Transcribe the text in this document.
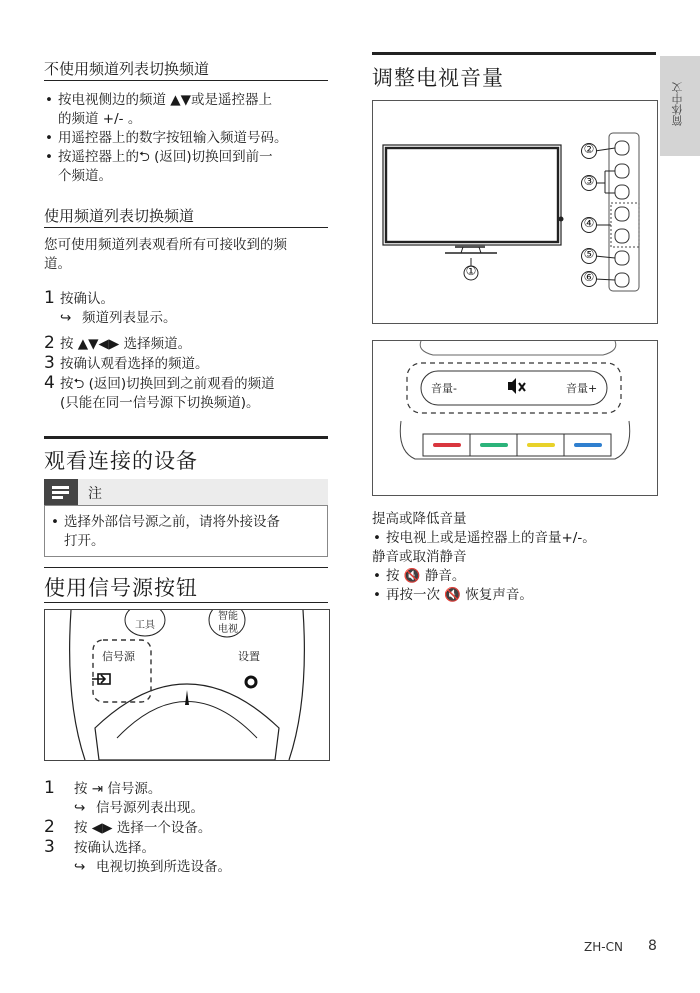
简体中文
不使用频道列表切换频道
• 按电视侧边的频道 ▲▼或是遥控器上
的频道 +/- 。
• 用遥控器上的数字按钮输入频道号码。
• 按遥控器上的⮌ (返回)切换回到前一
个频道。
使用频道列表切换频道
您可使用频道列表观看所有可接收到的频
道。
1 按确认。
↪ 频道列表显示。
2 按 ▲▼◀▶ 选择频道。
3 按确认观看选择的频道。
4 按⮌ (返回)切换回到之前观看的频道
(只能在同一信号源下切换频道)。
观看连接的设备
注
• 选择外部信号源之前，请将外接设备
打开。
使用信号源按钮
工具
智能
电视
信号源	设置
1 按 ⇥ 信号源。
↪ 信号源列表出现。
2 按 ◀▶ 选择一个设备。
3 按确认选择。
↪ 电视切换到所选设备。
调整电视音量
①
②
③
④
⑤
⑥
音量-	音量+
提高或降低音量
• 按电视上或是遥控器上的音量+/-。
静音或取消静音
• 按 🔇 静音。
• 再按一次 🔇 恢复声音。
ZH-CN 8
